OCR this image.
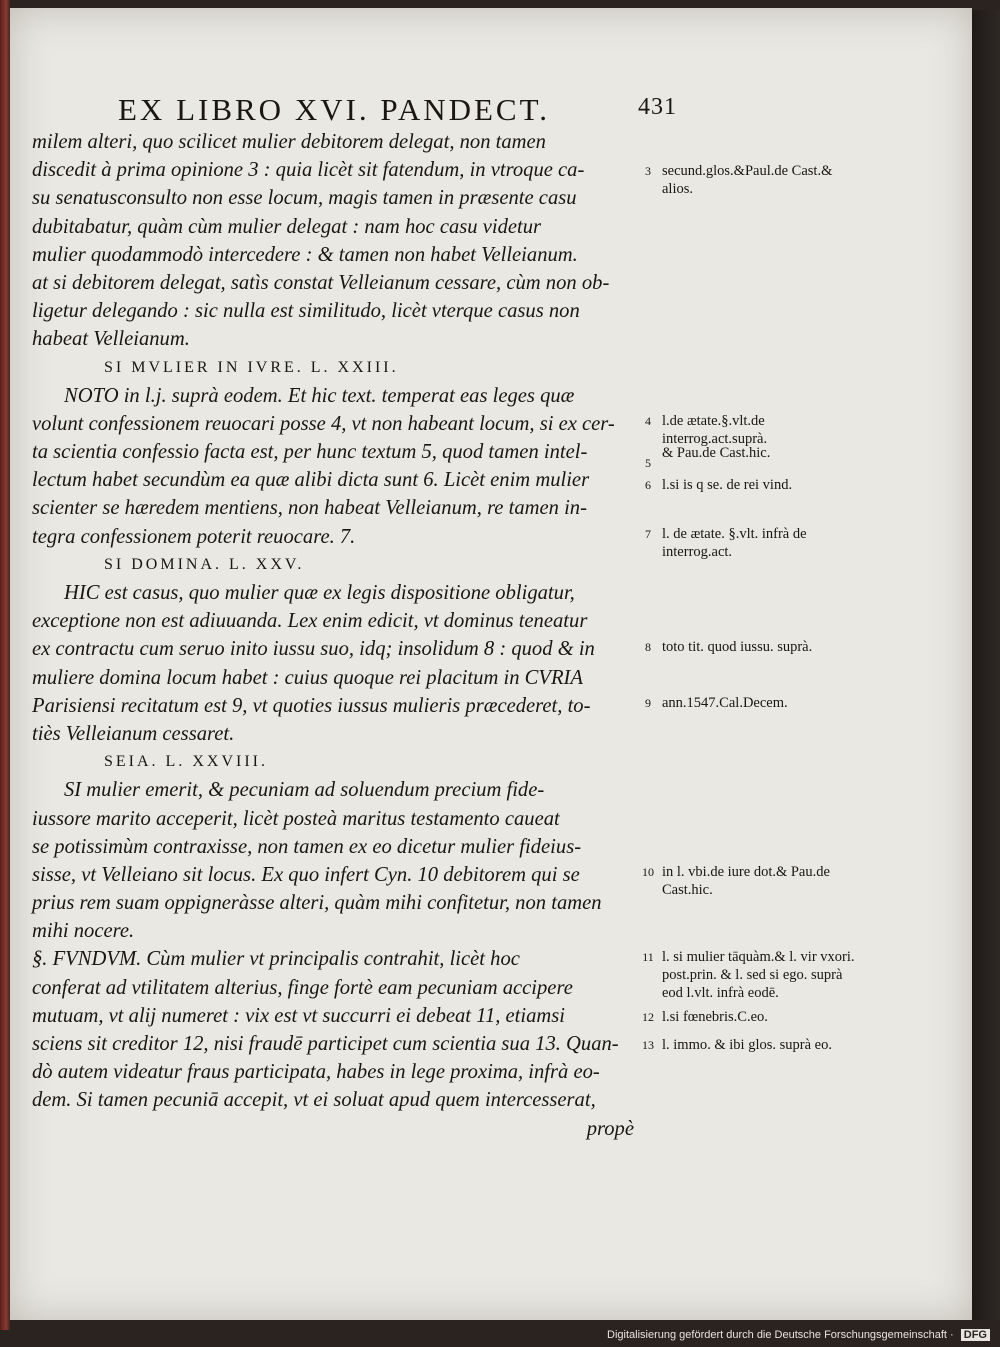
EX LIBRO XVI. PANDECT.	431
milem alteri, quo scilicet mulier debitorem delegat, non tamen
discedit à prima opinione 3 : quia licèt sit fatendum, in vtroque ca-
su senatusconsulto non esse locum, magis tamen in præsente casu
dubitabatur, quàm cùm mulier delegat : nam hoc casu videtur
mulier quodammodò intercedere : & tamen non habet Velleianum.
at si debitorem delegat, satìs constat Velleianum cessare, cùm non ob-
ligetur delegando : sic nulla est similitudo, licèt vterque casus non
habeat Velleianum.
SI MVLIER IN IVRE. L. XXIII.
NOTO in l.j. suprà eodem. Et hic text. temperat eas leges quæ
volunt confessionem reuocari posse 4, vt non habeant locum, si ex cer-
ta scientia confessio facta est, per hunc textum 5, quod tamen intel-
lectum habet secundùm ea quæ alibi dicta sunt 6. Licèt enim mulier
scienter se hæredem mentiens, non habeat Velleianum, re tamen in-
tegra confessionem poterit reuocare. 7.
SI DOMINA. L. XXV.
HIC est casus, quo mulier quæ ex legis dispositione obligatur,
exceptione non est adiuuanda. Lex enim edicit, vt dominus teneatur
ex contractu cum seruo inito iussu suo, idq; insolidum 8 : quod & in
muliere domina locum habet : cuius quoque rei placitum in CVRIA
Parisiensi recitatum est 9, vt quoties iussus mulieris præcederet, to-
tiès Velleianum cessaret.
SEIA. L. XXVIII.
SI mulier emerit, & pecuniam ad soluendum precium fide-
iussore marito acceperit, licèt posteà maritus testamento caueat
se potissimùm contraxisse, non tamen ex eo dicetur mulier fideius-
sisse, vt Velleiano sit locus. Ex quo infert Cyn. 10 debitorem qui se
prius rem suam oppigneràsse alteri, quàm mihi confitetur, non tamen
mihi nocere.
§. FVNDVM. Cùm mulier vt principalis contrahit, licèt hoc
conferat ad vtilitatem alterius, finge fortè eam pecuniam accipere
mutuam, vt alij numeret : vix est vt succurri ei debeat 11, etiamsi
sciens sit creditor 12, nisi fraudē participet cum scientia sua 13. Quan-
dò autem videatur fraus participata, habes in lege proxima, infrà eo-
dem. Si tamen pecuniā accepit, vt ei soluat apud quem intercesserat,
propè
3 secund.glos.&Paul.de Cast.& alios.
4 l.de ætate.§.vlt.de interrog.act.suprà.
5
6 l.si is q se. de rei vind.
7 l. de ætate. §.vlt. infrà de interrog.act.
8 toto tit. quod iussu. suprà.
9 ann.1547.Cal.Decem.
10 in l. vbi.de iure dot.& Pau.de Cast.hic.
11 l. si mulier tāquàm.& l. vir vxori. post.prin. & l. sed si ego. suprà eod l.vlt. infrà eodē.
12 l.si fœnebris.C.eo.
13 l. immo. & ibi glos. suprà eo.
& Pau.de Cast.hic.
Digitalisierung gefördert durch die Deutsche Forschungsgemeinschaft · DFG
